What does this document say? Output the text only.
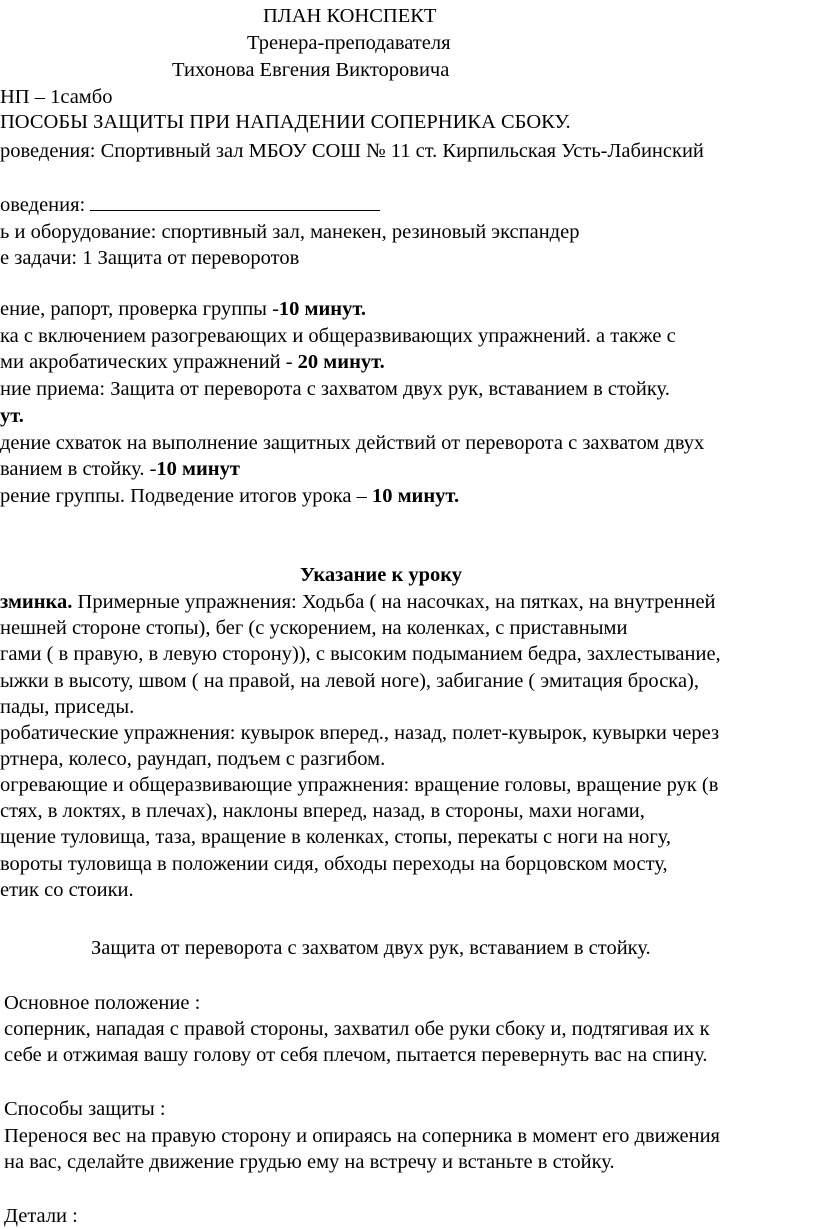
ПЛАН КОНСПЕКТ
Тренера-преподавателя
Тихонова Евгения Викторовича
НП – 1самбо
ПОСОБЫ ЗАЩИТЫ ПРИ НАПАДЕНИИ СОПЕРНИКА СБОКУ.
роведения: Спортивный зал МБОУ СОШ № 11 ст. Кирпильская Усть-Лабинский
оведения:
ь и оборудование: спортивный зал, манекен, резиновый экспандер
е задачи: 1 Защита от переворотов
ение, рапорт, проверка группы -10 минут.
ка с включением разогревающих и общеразвивающих упражнений. а также с
ми акробатических упражнений - 20 минут.
ние приема: Защита от переворота с захватом двух рук, вставанием в стойку.
ут.
дение схваток на выполнение защитных действий от переворота с захватом двух
ванием в стойку. -10 минут
рение группы. Подведение итогов урока – 10 минут.
Указание к уроку
зминка. Примерные упражнения: Ходьба ( на насочках, на пятках, на внутренней
нешней стороне стопы), бег (с ускорением, на коленках, с приставными
гами ( в правую, в левую сторону)), с высоким подыманием бедра, захлестывание,
ыжки в высоту, швом ( на правой, на левой ноге), забигание ( эмитация броска),
пады, приседы.
робатические упражнения: кувырок вперед., назад, полет-кувырок, кувырки через
ртнера, колесо, раундап, подъем с разгибом.
огревающие и общеразвивающие упражнения: вращение головы, вращение рук (в
стях, в локтях, в плечах), наклоны вперед, назад, в стороны, махи ногами,
щение туловища, таза, вращение в коленках, стопы, перекаты с ноги на ногу,
вороты туловища в положении сидя, обходы переходы на борцовском мосту,
етик со стоики.
Защита от переворота с захватом двух рук, вставанием в стойку.
Основное положение :
соперник, нападая с правой стороны, захватил обе руки сбоку и, подтягивая их к
себе и отжимая вашу голову от себя плечом, пытается перевернуть вас на спину.
Способы защиты :
Перенося вес на правую сторону и опираясь на соперника в момент его движения
на вас, сделайте движение грудью ему на встречу и встаньте в стойку.
Детали :
